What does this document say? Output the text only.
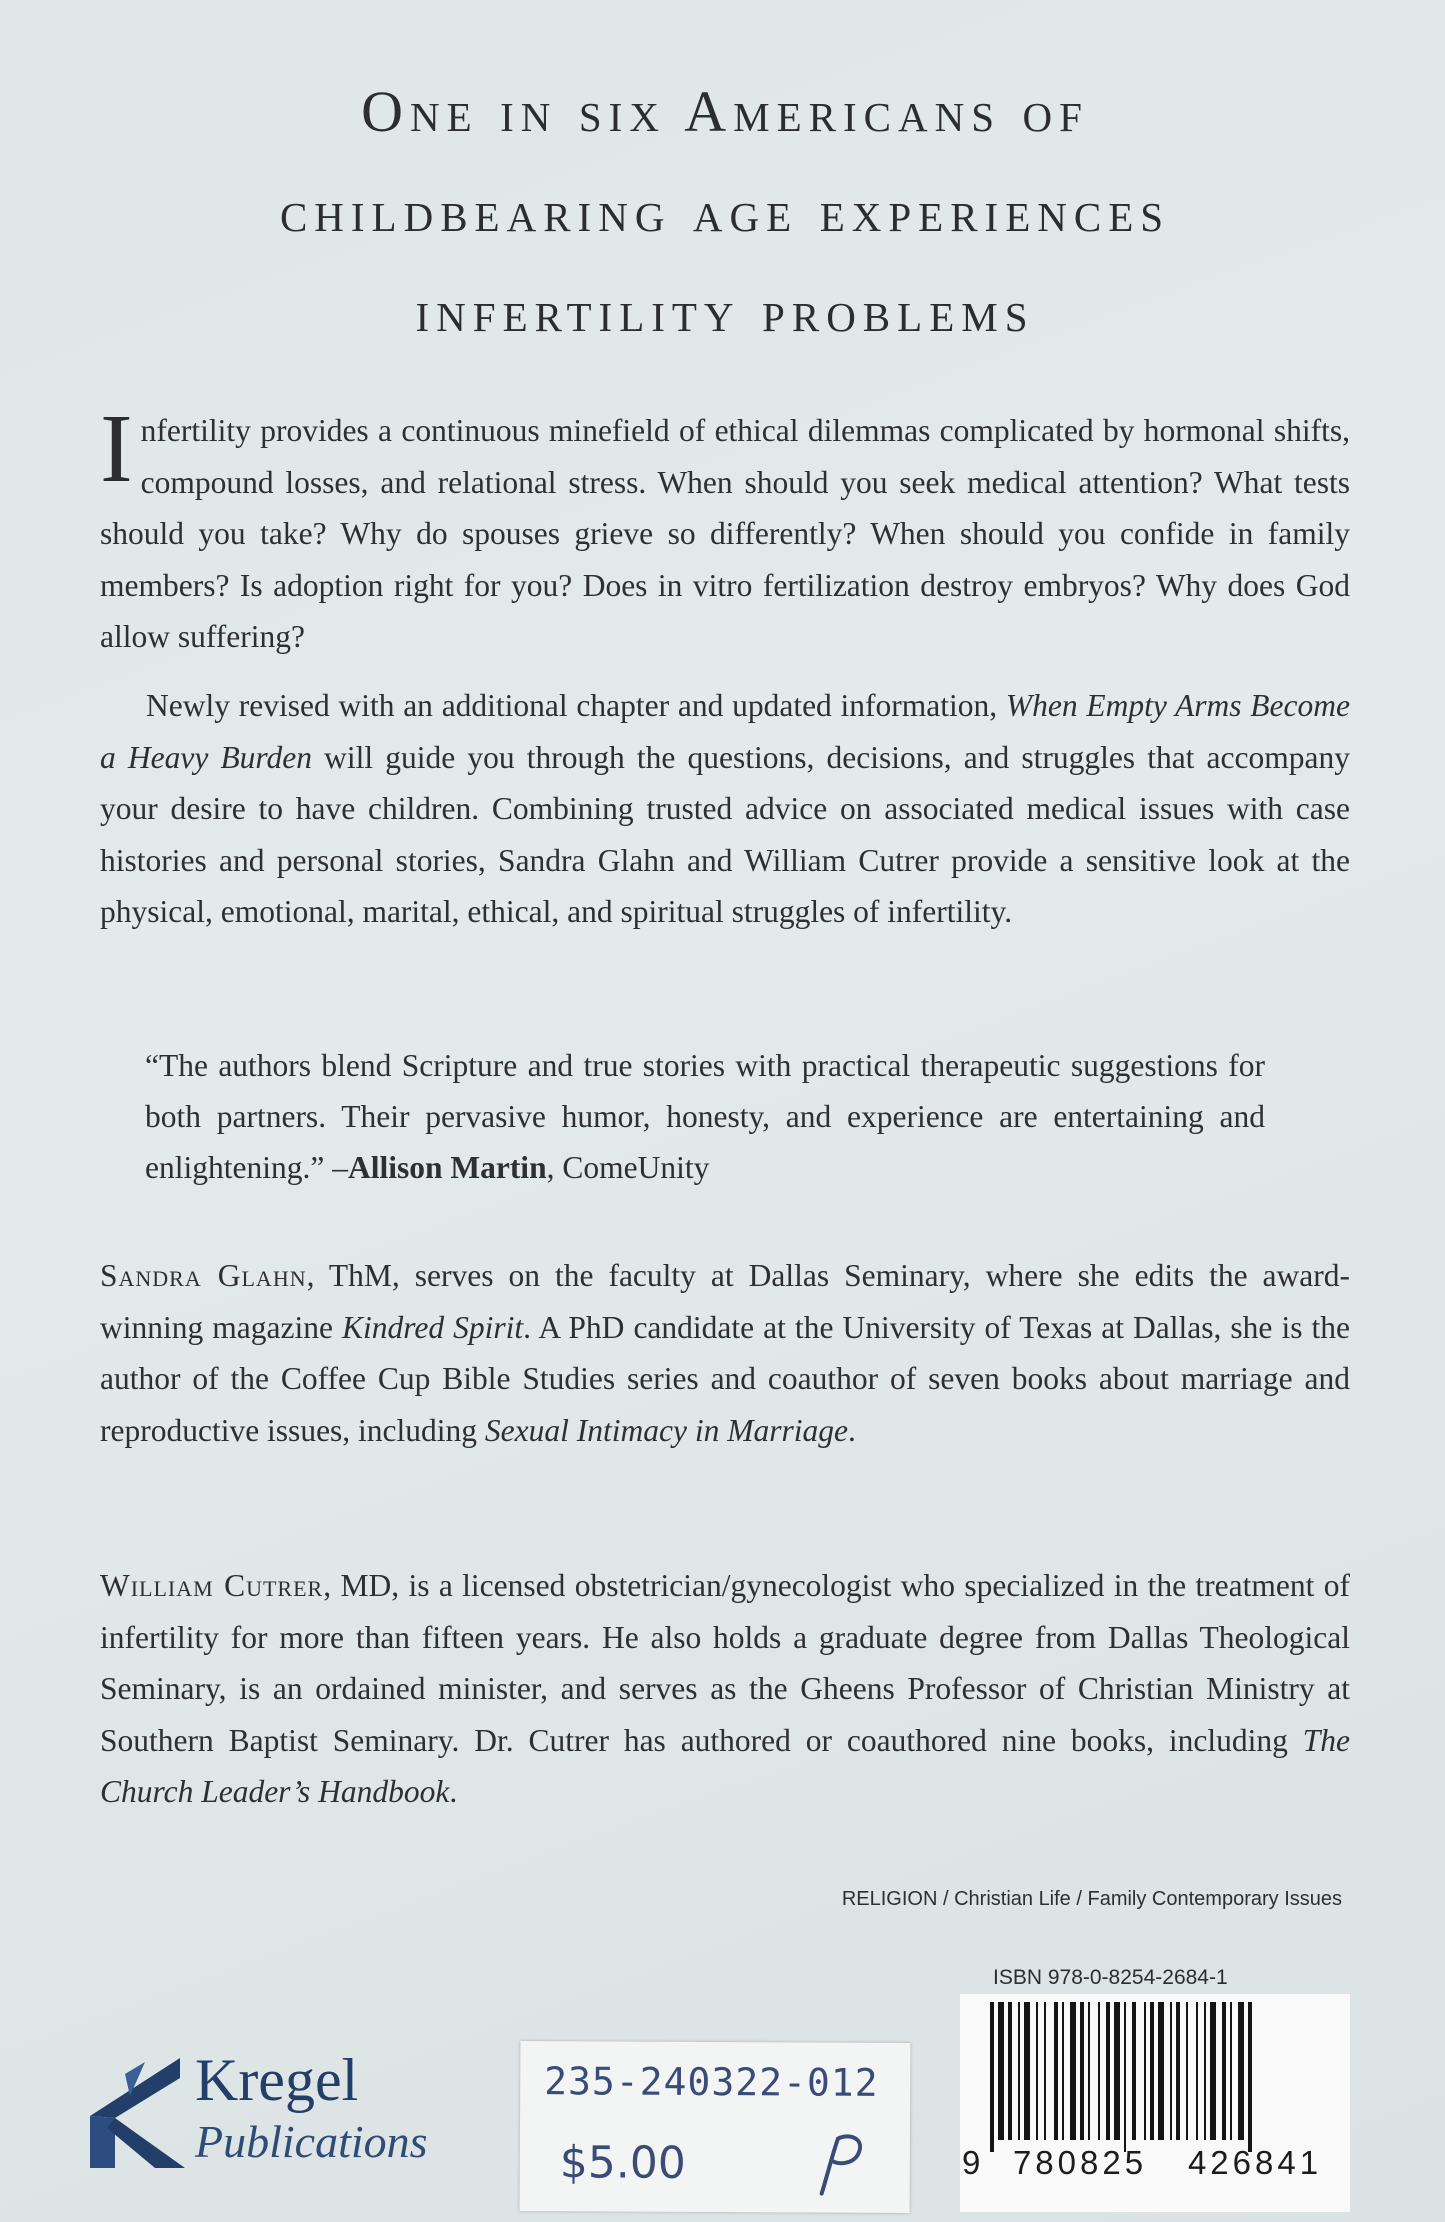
One in six Americans of
childbearing age experiences
infertility problems
Infertility provides a continuous minefield of ethical dilemmas complicated by hormonal shifts, compound losses, and relational stress. When should you seek medical attention? What tests should you take? Why do spouses grieve so differently? When should you confide in family members? Is adoption right for you? Does in vitro fertilization destroy embryos? Why does God allow suffering?
Newly revised with an additional chapter and updated information, When Empty Arms Become a Heavy Burden will guide you through the questions, decisions, and struggles that accompany your desire to have children. Combining trusted advice on associated medical issues with case histories and personal stories, Sandra Glahn and William Cutrer provide a sensitive look at the physical, emotional, marital, ethical, and spiritual struggles of infertility.
“The authors blend Scripture and true stories with practical therapeutic suggestions for both partners. Their pervasive humor, honesty, and experience are entertaining and enlightening.” –Allison Martin, ComeUnity
Sandra Glahn, ThM, serves on the faculty at Dallas Seminary, where she edits the award-winning magazine Kindred Spirit. A PhD candidate at the University of Texas at Dallas, she is the author of the Coffee Cup Bible Studies series and coauthor of seven books about marriage and reproductive issues, including Sexual Intimacy in Marriage.
William Cutrer, MD, is a licensed obstetrician/gynecologist who specialized in the treatment of infertility for more than fifteen years. He also holds a graduate degree from Dallas Theological Seminary, is an ordained minister, and serves as the Gheens Professor of Christian Ministry at Southern Baptist Seminary. Dr. Cutrer has authored or coauthored nine books, including The Church Leader’s Handbook.
RELIGION / Christian Life / Family Contemporary Issues
Kregel
Publications
235-240322-012
$5.00
ISBN 978-0-8254-2684-1
9 780825	426841
